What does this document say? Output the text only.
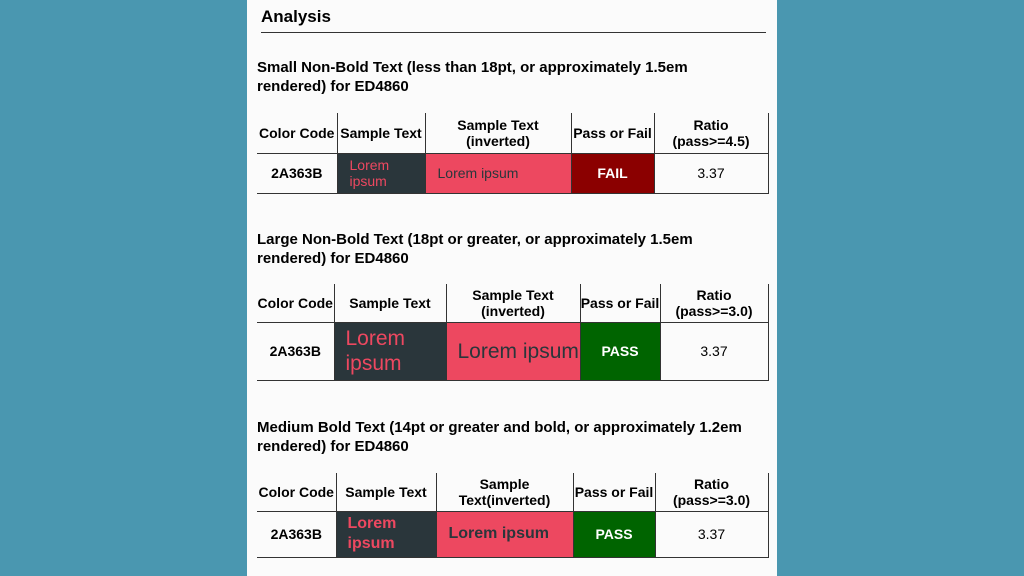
Analysis
Small Non-Bold Text (less than 18pt, or approximately 1.5em rendered) for ED4860
Color Code	Sample Text	Sample Text (inverted)	Pass or Fail	Ratio (pass>=4.5)
2A363B	Lorem ipsum	Lorem ipsum	FAIL	3.37
Large Non-Bold Text (18pt or greater, or approximately 1.5em rendered) for ED4860
Color Code	Sample Text	Sample Text (inverted)	Pass or Fail	Ratio (pass>=3.0)
2A363B	Lorem ipsum	Lorem ipsum	PASS	3.37
Medium Bold Text (14pt or greater and bold, or approximately 1.2em rendered) for ED4860
Color Code	Sample Text	Sample Text(inverted)	Pass or Fail	Ratio (pass>=3.0)
2A363B	Lorem ipsum	Lorem ipsum	PASS	3.37
